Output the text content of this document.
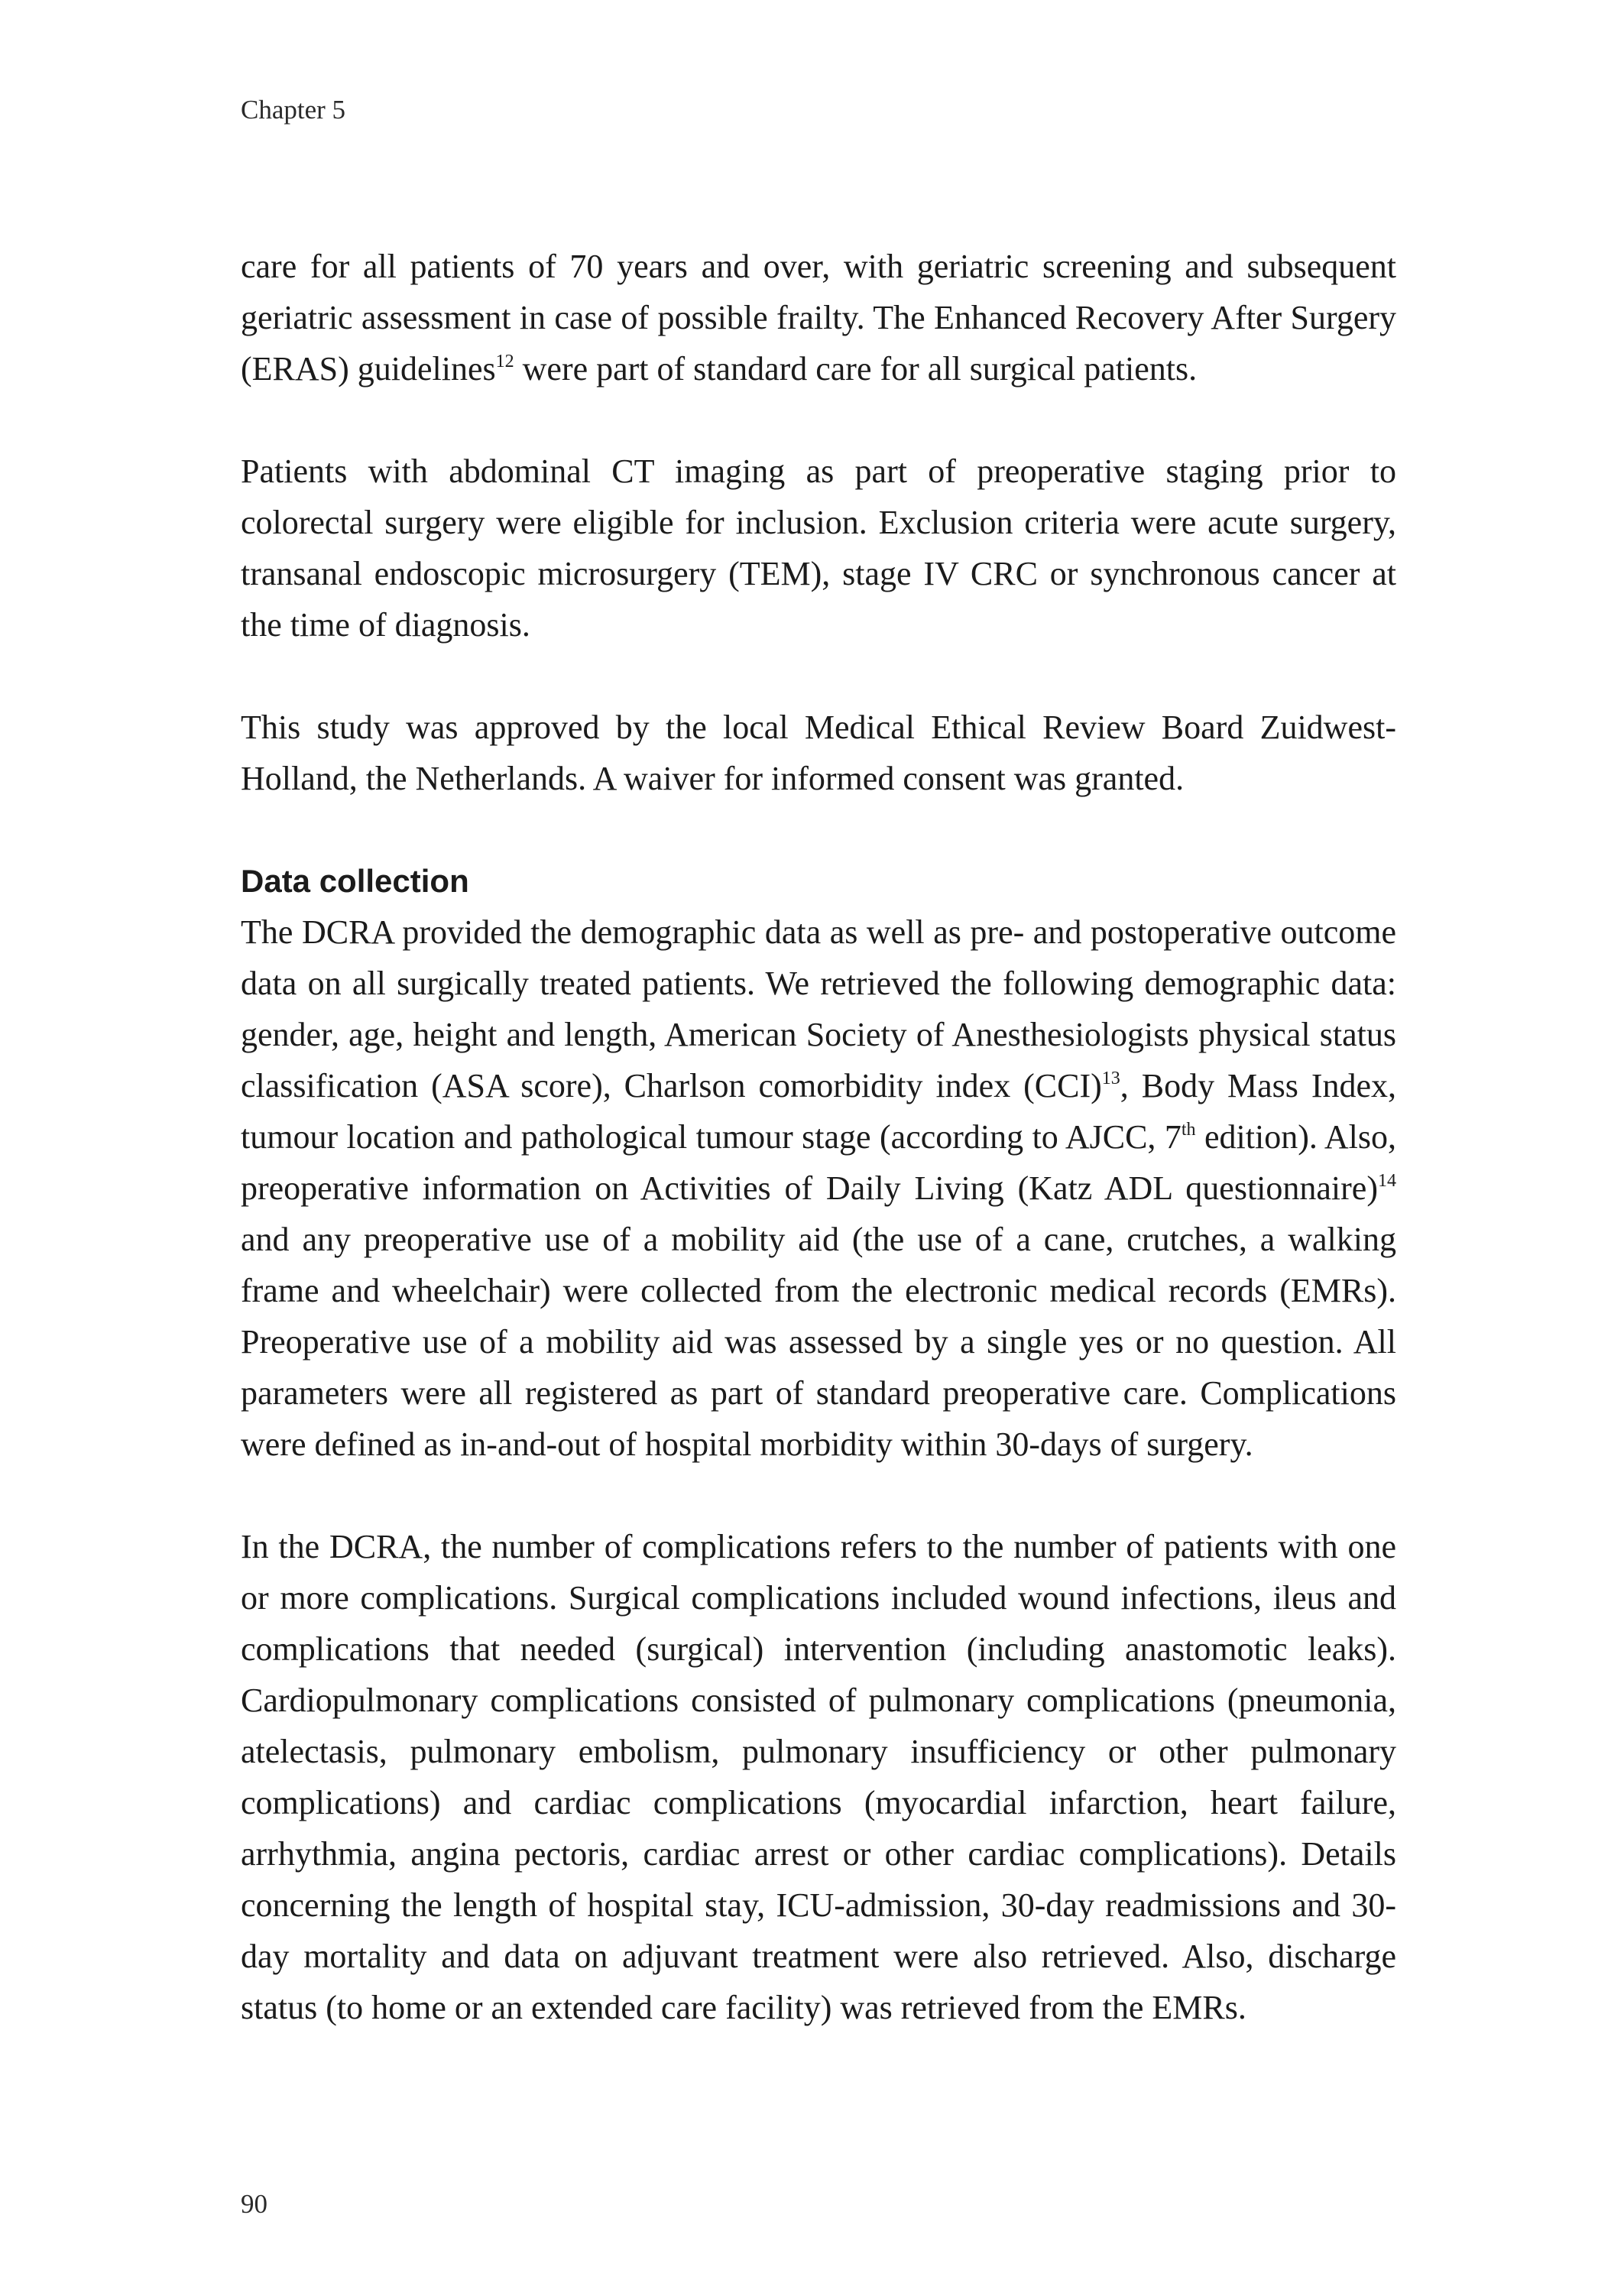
Chapter 5

care for all patients of 70 years and over, with geriatric screening and subsequent geriatric assessment in case of possible frailty. The Enhanced Recovery After Surgery (ERAS) guidelines$^{12}$ were part of standard care for all surgical patients.

Patients with abdominal CT imaging as part of preoperative staging prior to colorectal surgery were eligible for inclusion. Exclusion criteria were acute surgery, transanal endoscopic microsurgery (TEM), stage IV CRC or synchronous cancer at the time of diagnosis.

This study was approved by the local Medical Ethical Review Board Zuidwest-Holland, the Netherlands. A waiver for informed consent was granted.

Data collection

The DCRA provided the demographic data as well as pre- and postoperative outcome data on all surgically treated patients. We retrieved the following demographic data: gender, age, height and length, American Society of Anesthesiologists physical status classification (ASA score), Charlson comorbidity index (CCI)$^{13}$, Body Mass Index, tumour location and pathological tumour stage (according to AJCC, 7th edition). Also, preoperative information on Activities of Daily Living (Katz ADL questionnaire)$^{14}$ and any preoperative use of a mobility aid (the use of a cane, crutches, a walking frame and wheelchair) were collected from the electronic medical records (EMRs). Preoperative use of a mobility aid was assessed by a single yes or no question. All parameters were all registered as part of standard preoperative care. Complications were defined as in-and-out of hospital morbidity within 30-days of surgery.

In the DCRA, the number of complications refers to the number of patients with one or more complications. Surgical complications included wound infections, ileus and complications that needed (surgical) intervention (including anastomotic leaks). Cardiopulmonary complications consisted of pulmonary complications (pneumonia, atelectasis, pulmonary embolism, pulmonary insufficiency or other pulmonary complications) and cardiac complications (myocardial infarction, heart failure, arrhythmia, angina pectoris, cardiac arrest or other cardiac complications). Details concerning the length of hospital stay, ICU-admission, 30-day readmissions and 30-day mortality and data on adjuvant treatment were also retrieved. Also, discharge status (to home or an extended care facility) was retrieved from the EMRs.

90
